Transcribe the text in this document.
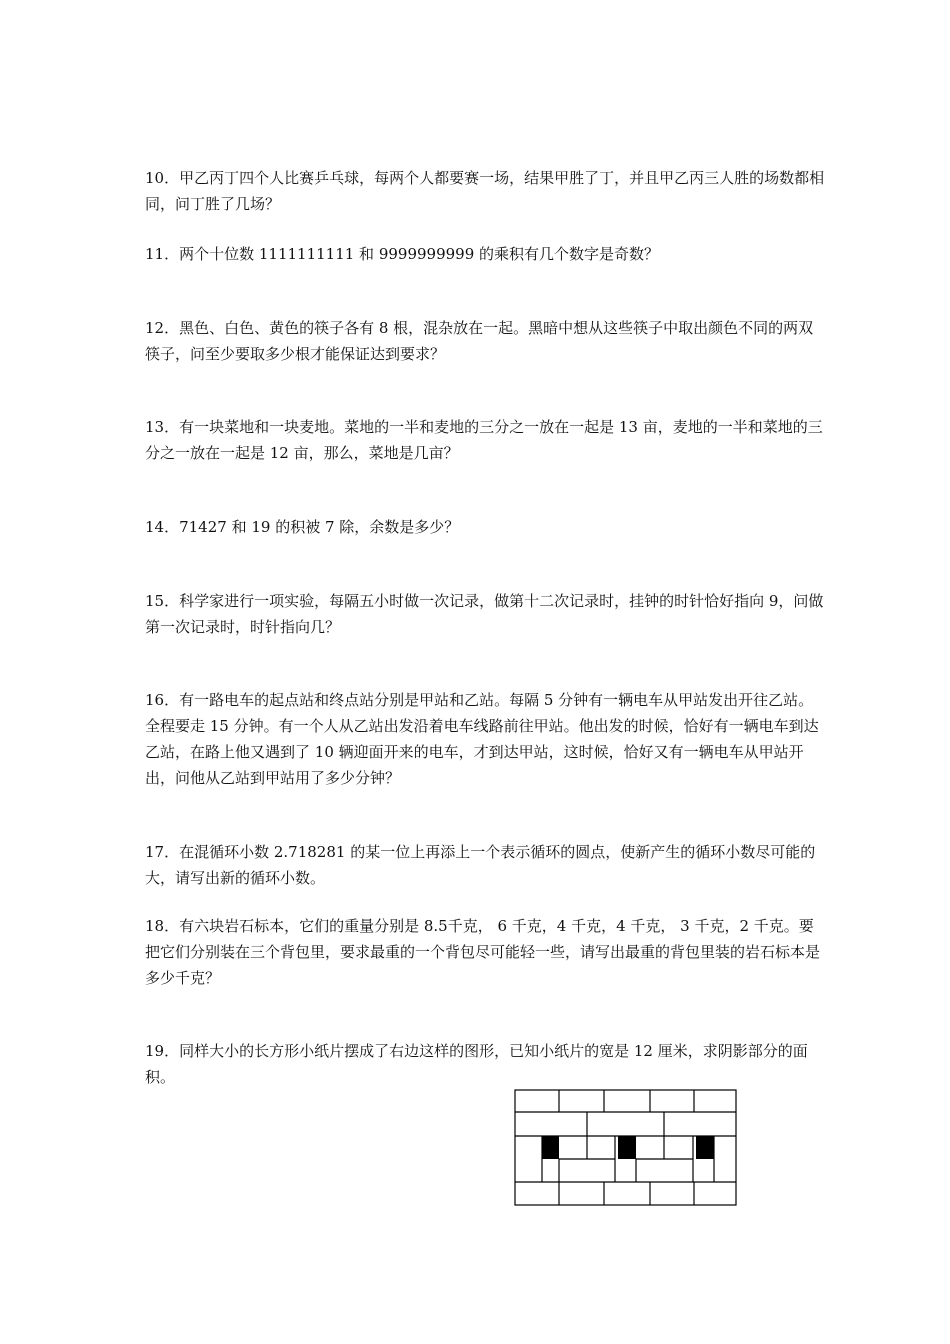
10．甲乙丙丁四个人比赛乒乓球，每两个人都要赛一场，结果甲胜了丁，并且甲乙丙三人胜的场数都相同，问丁胜了几场？

11．两个十位数 1111111111 和 9999999999 的乘积有几个数字是奇数？

12．黑色、白色、黄色的筷子各有 8 根，混杂放在一起。黑暗中想从这些筷子中取出颜色不同的两双筷子，问至少要取多少根才能保证达到要求？

13．有一块菜地和一块麦地。菜地的一半和麦地的三分之一放在一起是 13 亩，麦地的一半和菜地的三分之一放在一起是 12 亩，那么，菜地是几亩？

14．71427 和 19 的积被 7 除，余数是多少？

15．科学家进行一项实验，每隔五小时做一次记录，做第十二次记录时，挂钟的时针恰好指向 9，问做第一次记录时，时针指向几？

16．有一路电车的起点站和终点站分别是甲站和乙站。每隔 5 分钟有一辆电车从甲站发出开往乙站。全程要走 15 分钟。有一个人从乙站出发沿着电车线路前往甲站。他出发的时候，恰好有一辆电车到达乙站，在路上他又遇到了 10 辆迎面开来的电车，才到达甲站，这时候，恰好又有一辆电车从甲站开出，问他从乙站到甲站用了多少分钟？

17．在混循环小数 2.718281 的某一位上再添上一个表示循环的圆点，使新产生的循环小数尽可能的大，请写出新的循环小数。

18．有六块岩石标本，它们的重量分别是 8.5千克， 6 千克，4 千克，4 千克， 3 千克，2 千克。要把它们分别装在三个背包里，要求最重的一个背包尽可能轻一些，请写出最重的背包里装的岩石标本是多少千克？

19．同样大小的长方形小纸片摆成了右边这样的图形，已知小纸片的宽是 12 厘米，求阴影部分的面积。
